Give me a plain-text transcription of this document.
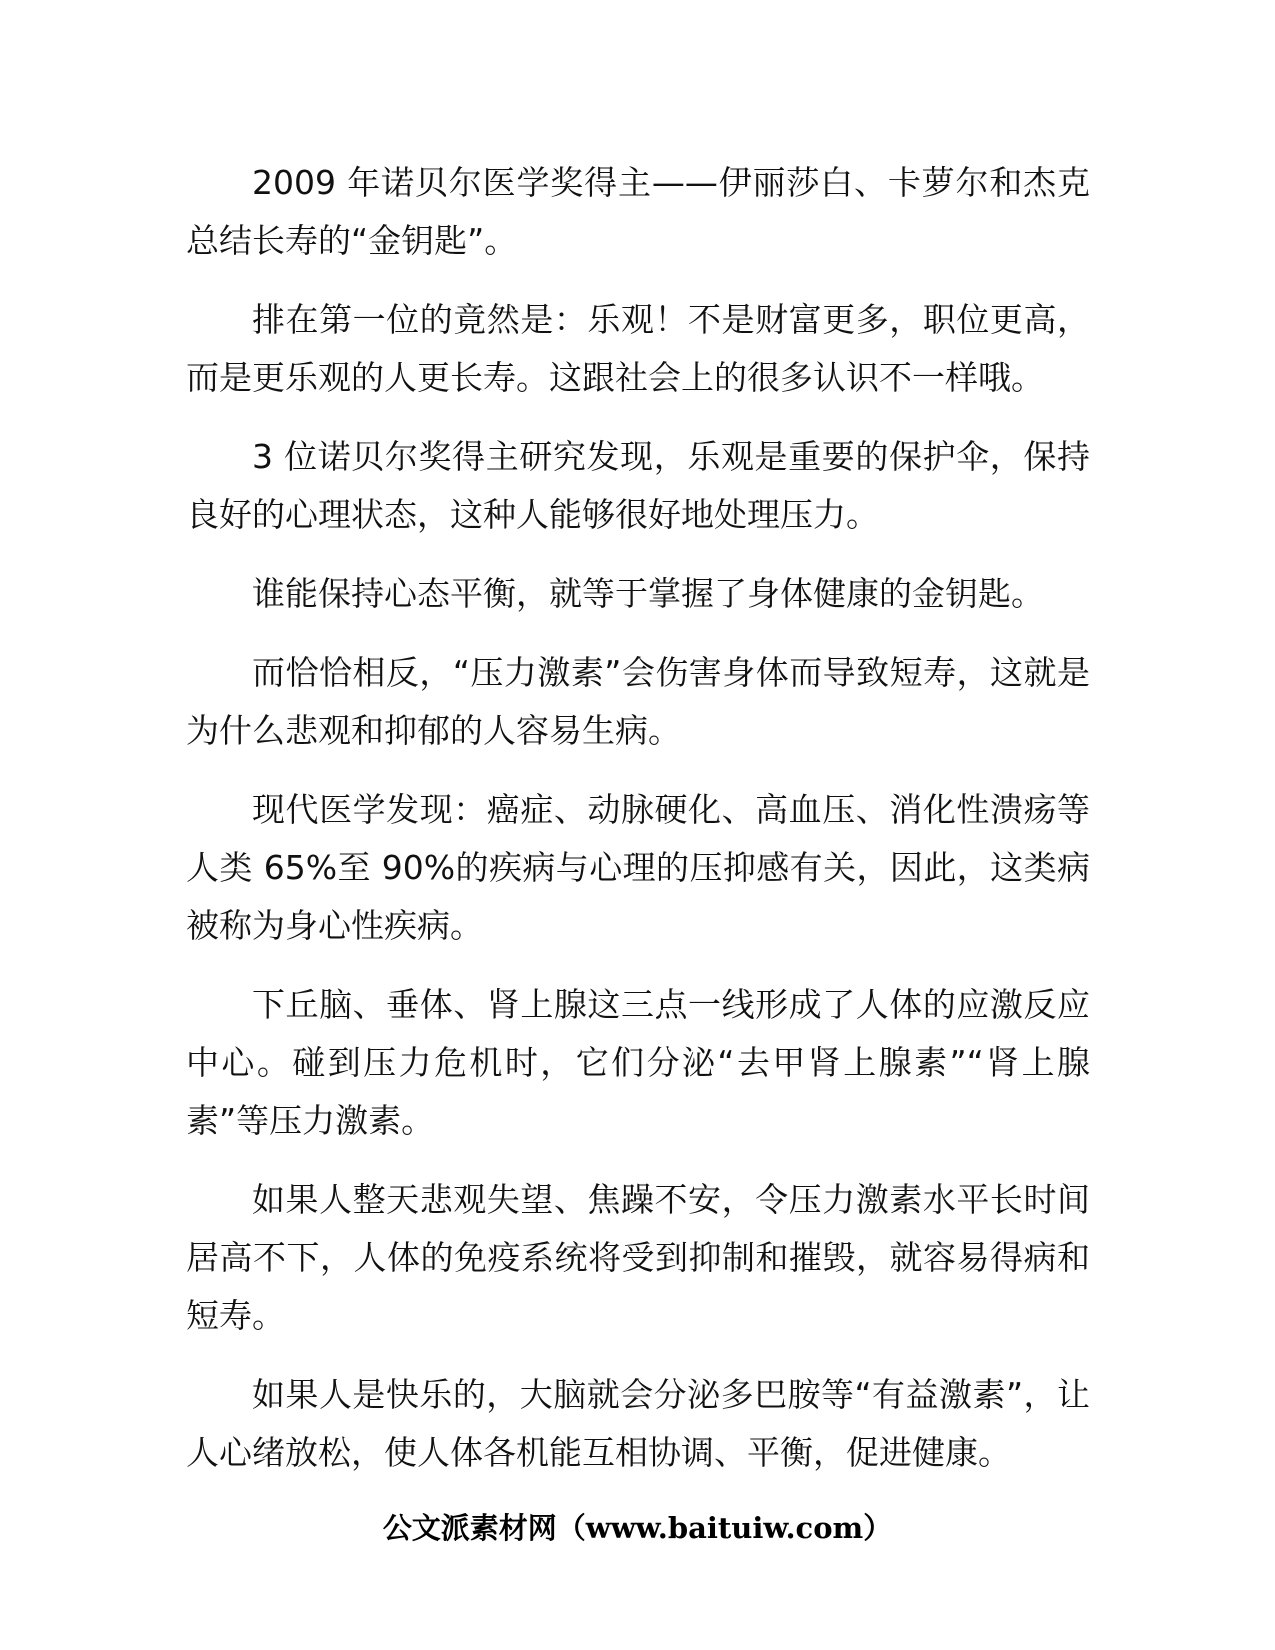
2009 年诺贝尔医学奖得主——伊丽莎白、卡萝尔和杰克总结长寿的“金钥匙”。

排在第一位的竟然是：乐观！不是财富更多，职位更高，而是更乐观的人更长寿。这跟社会上的很多认识不一样哦。

3 位诺贝尔奖得主研究发现，乐观是重要的保护伞，保持良好的心理状态，这种人能够很好地处理压力。

谁能保持心态平衡，就等于掌握了身体健康的金钥匙。

而恰恰相反，“压力激素”会伤害身体而导致短寿，这就是为什么悲观和抑郁的人容易生病。

现代医学发现：癌症、动脉硬化、高血压、消化性溃疡等人类 65%至 90%的疾病与心理的压抑感有关，因此，这类病被称为身心性疾病。

下丘脑、垂体、肾上腺这三点一线形成了人体的应激反应中心。碰到压力危机时，它们分泌“去甲肾上腺素”“肾上腺素”等压力激素。

如果人整天悲观失望、焦躁不安，令压力激素水平长时间居高不下，人体的免疫系统将受到抑制和摧毁，就容易得病和短寿。

如果人是快乐的，大脑就会分泌多巴胺等“有益激素”，让人心绪放松，使人体各机能互相协调、平衡，促进健康。

公文派素材网（www.baituiw.com）
